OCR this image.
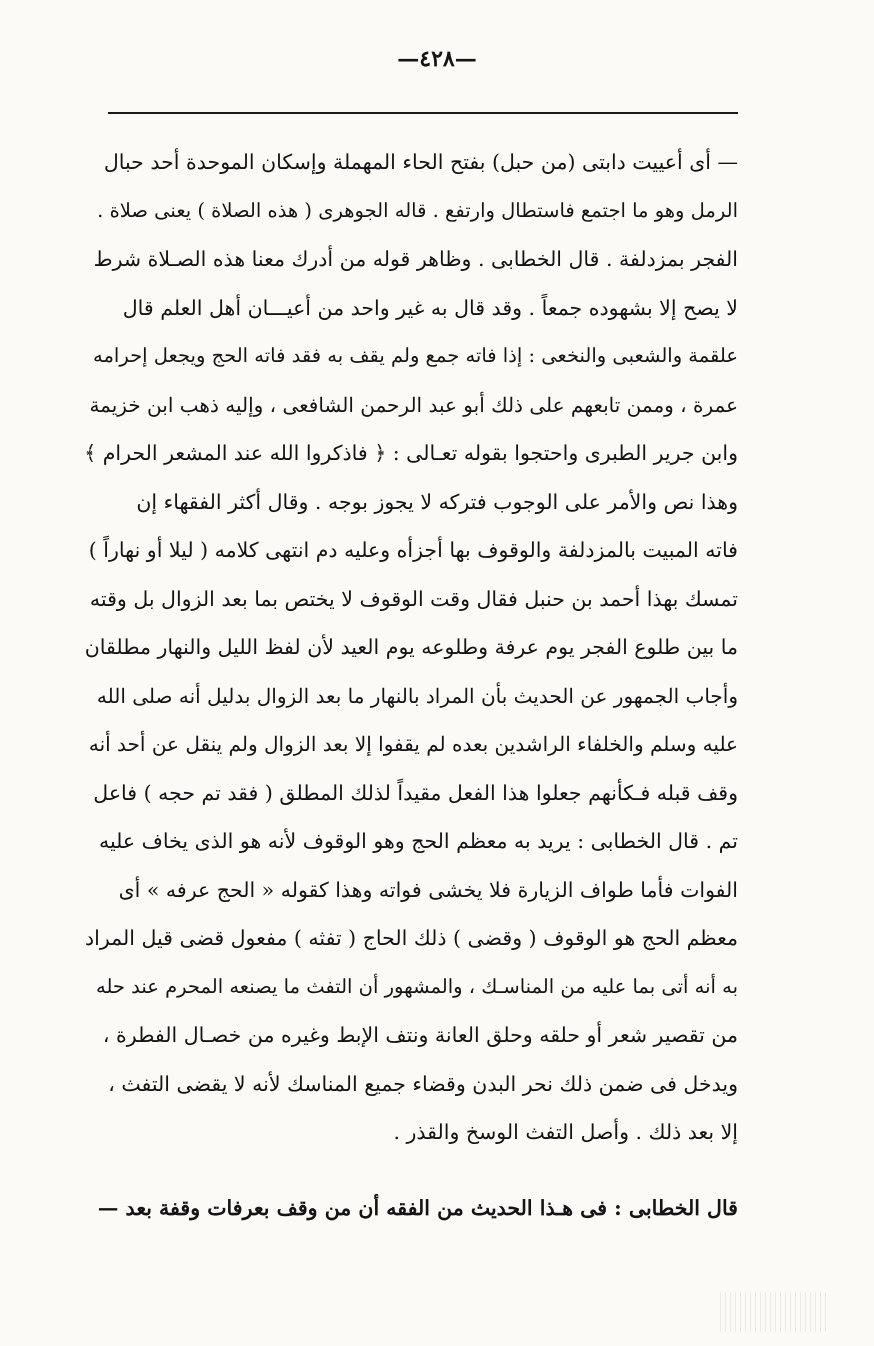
—٤٢٨—
— أى أعييت دابتى (من حبل) بفتح الحاء المهملة وإسكان الموحدة أحد حبال
الرمل وهو ما اجتمع فاستطال وارتفع . قاله الجوهرى ( هذه الصلاة ) يعنى صلاة .
الفجر بمزدلفة . قال الخطابى . وظاهر قوله من أدرك معنا هذه الصـلاة شرط
لا يصح إلا بشهوده جمعاً . وقد قال به غير واحد من أعيـــان أهل العلم قال
علقمة والشعبى والنخعى : إذا فاته جمع ولم يقف به فقد فاته الحج ويجعل إحرامه
عمرة ، وممن تابعهم على ذلك أبو عبد الرحمن الشافعى ، وإليه ذهب ابن خزيمة
وابن جرير الطبرى واحتجوا بقوله تعـالى : ﴿ فاذكروا الله عند المشعر الحرام ﴾
وهذا نص والأمر على الوجوب فتركه لا يجوز بوجه . وقال أكثر الفقهاء إن
فاته المبيت بالمزدلفة والوقوف بها أجزأه وعليه دم انتهى كلامه ( ليلا أو نهاراً )
تمسك بهذا أحمد بن حنبل فقال وقت الوقوف لا يختص بما بعد الزوال بل وقته
ما بين طلوع الفجر يوم عرفة وطلوعه يوم العيد لأن لفظ الليل والنهار مطلقان
وأجاب الجمهور عن الحديث بأن المراد بالنهار ما بعد الزوال بدليل أنه صلى الله
عليه وسلم والخلفاء الراشدين بعده لم يقفوا إلا بعد الزوال ولم ينقل عن أحد أنه
وقف قبله فـكأنهم جعلوا هذا الفعل مقيداً لذلك المطلق ( فقد تم حجه ) فاعل
تم . قال الخطابى : يريد به معظم الحج وهو الوقوف لأنه هو الذى يخاف عليه
الفوات فأما طواف الزيارة فلا يخشى فواته وهذا كقوله « الحج عرفه » أى
معظم الحج هو الوقوف ( وقضى ) ذلك الحاج ( تفثه ) مفعول قضى قيل المراد
به أنه أتى بما عليه من المناسـك ، والمشهور أن التفث ما يصنعه المحرم عند حله
من تقصير شعر أو حلقه وحلق العانة ونتف الإبط وغيره من خصـال الفطرة ،
ويدخل فى ضمن ذلك نحر البدن وقضاء جميع المناسك لأنه لا يقضى التفث ،
إلا بعد ذلك . وأصل التفث الوسخ والقذر .
قال الخطابى : فى هـذا الحديث من الفقه أن من وقف بعرفات وقفة بعد —
